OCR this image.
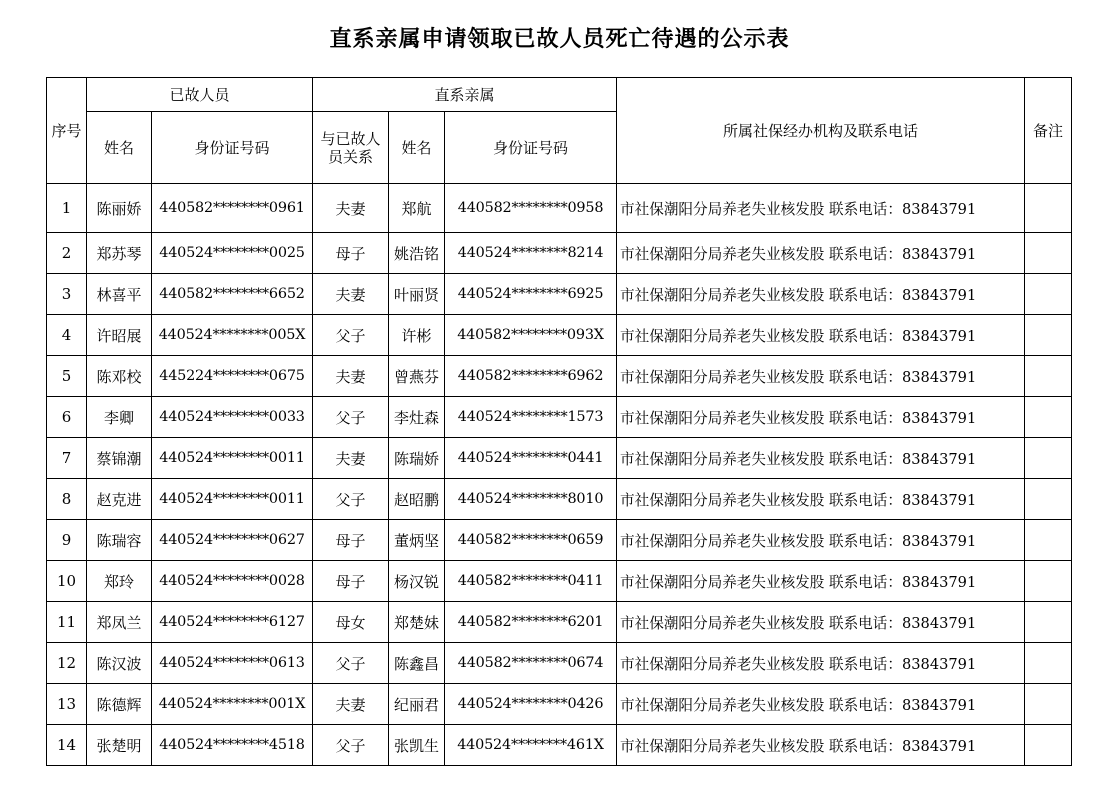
直系亲属申请领取已故人员死亡待遇的公示表
序号	已故人员		直系亲属			所属社保经办机构及联系电话	备注
	姓名	身份证号码	与已故人员关系	姓名	身份证号码		
1	陈丽娇	440582********0961	夫妻	郑航	440582********0958	市社保潮阳分局养老失业核发股 联系电话：83843791	
2	郑苏琴	440524********0025	母子	姚浩铭	440524********8214	市社保潮阳分局养老失业核发股 联系电话：83843791	
3	林喜平	440582********6652	夫妻	叶丽贤	440524********6925	市社保潮阳分局养老失业核发股 联系电话：83843791	
4	许昭展	440524********005X	父子	许彬	440582********093X	市社保潮阳分局养老失业核发股 联系电话：83843791	
5	陈邓校	445224********0675	夫妻	曾燕芬	440582********6962	市社保潮阳分局养老失业核发股 联系电话：83843791	
6	李卿	440524********0033	父子	李灶森	440524********1573	市社保潮阳分局养老失业核发股 联系电话：83843791	
7	蔡锦潮	440524********0011	夫妻	陈瑞娇	440524********0441	市社保潮阳分局养老失业核发股 联系电话：83843791	
8	赵克进	440524********0011	父子	赵昭鹏	440524********8010	市社保潮阳分局养老失业核发股 联系电话：83843791	
9	陈瑞容	440524********0627	母子	董炳坚	440582********0659	市社保潮阳分局养老失业核发股 联系电话：83843791	
10	郑玲	440524********0028	母子	杨汉锐	440582********0411	市社保潮阳分局养老失业核发股 联系电话：83843791	
11	郑凤兰	440524********6127	母女	郑楚妹	440582********6201	市社保潮阳分局养老失业核发股 联系电话：83843791	
12	陈汉波	440524********0613	父子	陈鑫昌	440582********0674	市社保潮阳分局养老失业核发股 联系电话：83843791	
13	陈德辉	440524********001X	夫妻	纪丽君	440524********0426	市社保潮阳分局养老失业核发股 联系电话：83843791	
14	张楚明	440524********4518	父子	张凯生	440524********461X	市社保潮阳分局养老失业核发股 联系电话：83843791	
